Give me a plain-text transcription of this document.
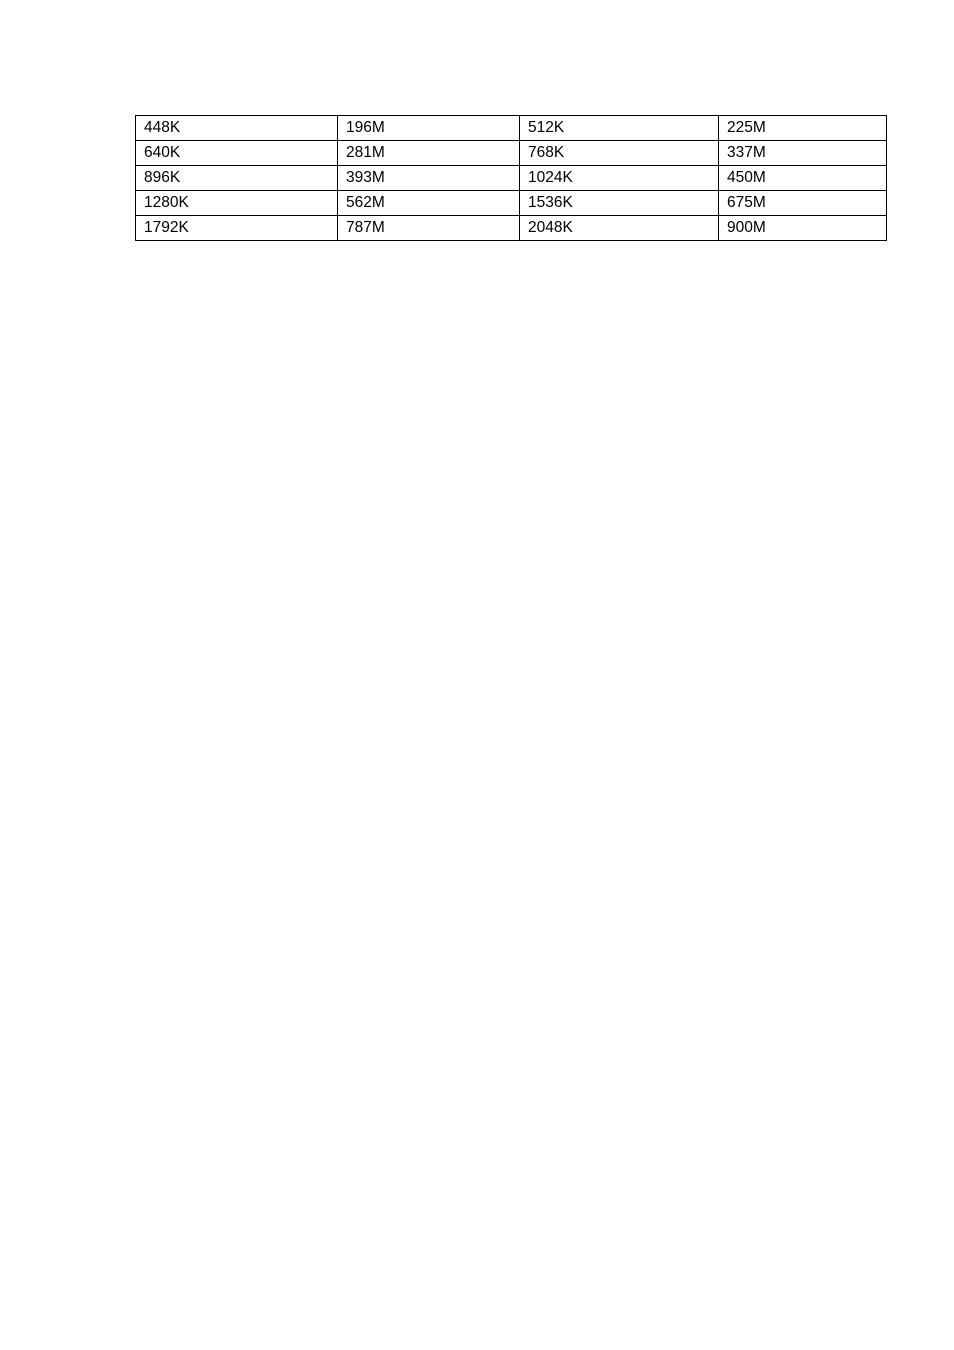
448K	196M	512K	225M
640K	281M	768K	337M
896K	393M	1024K	450M
1280K	562M	1536K	675M
1792K	787M	2048K	900M
